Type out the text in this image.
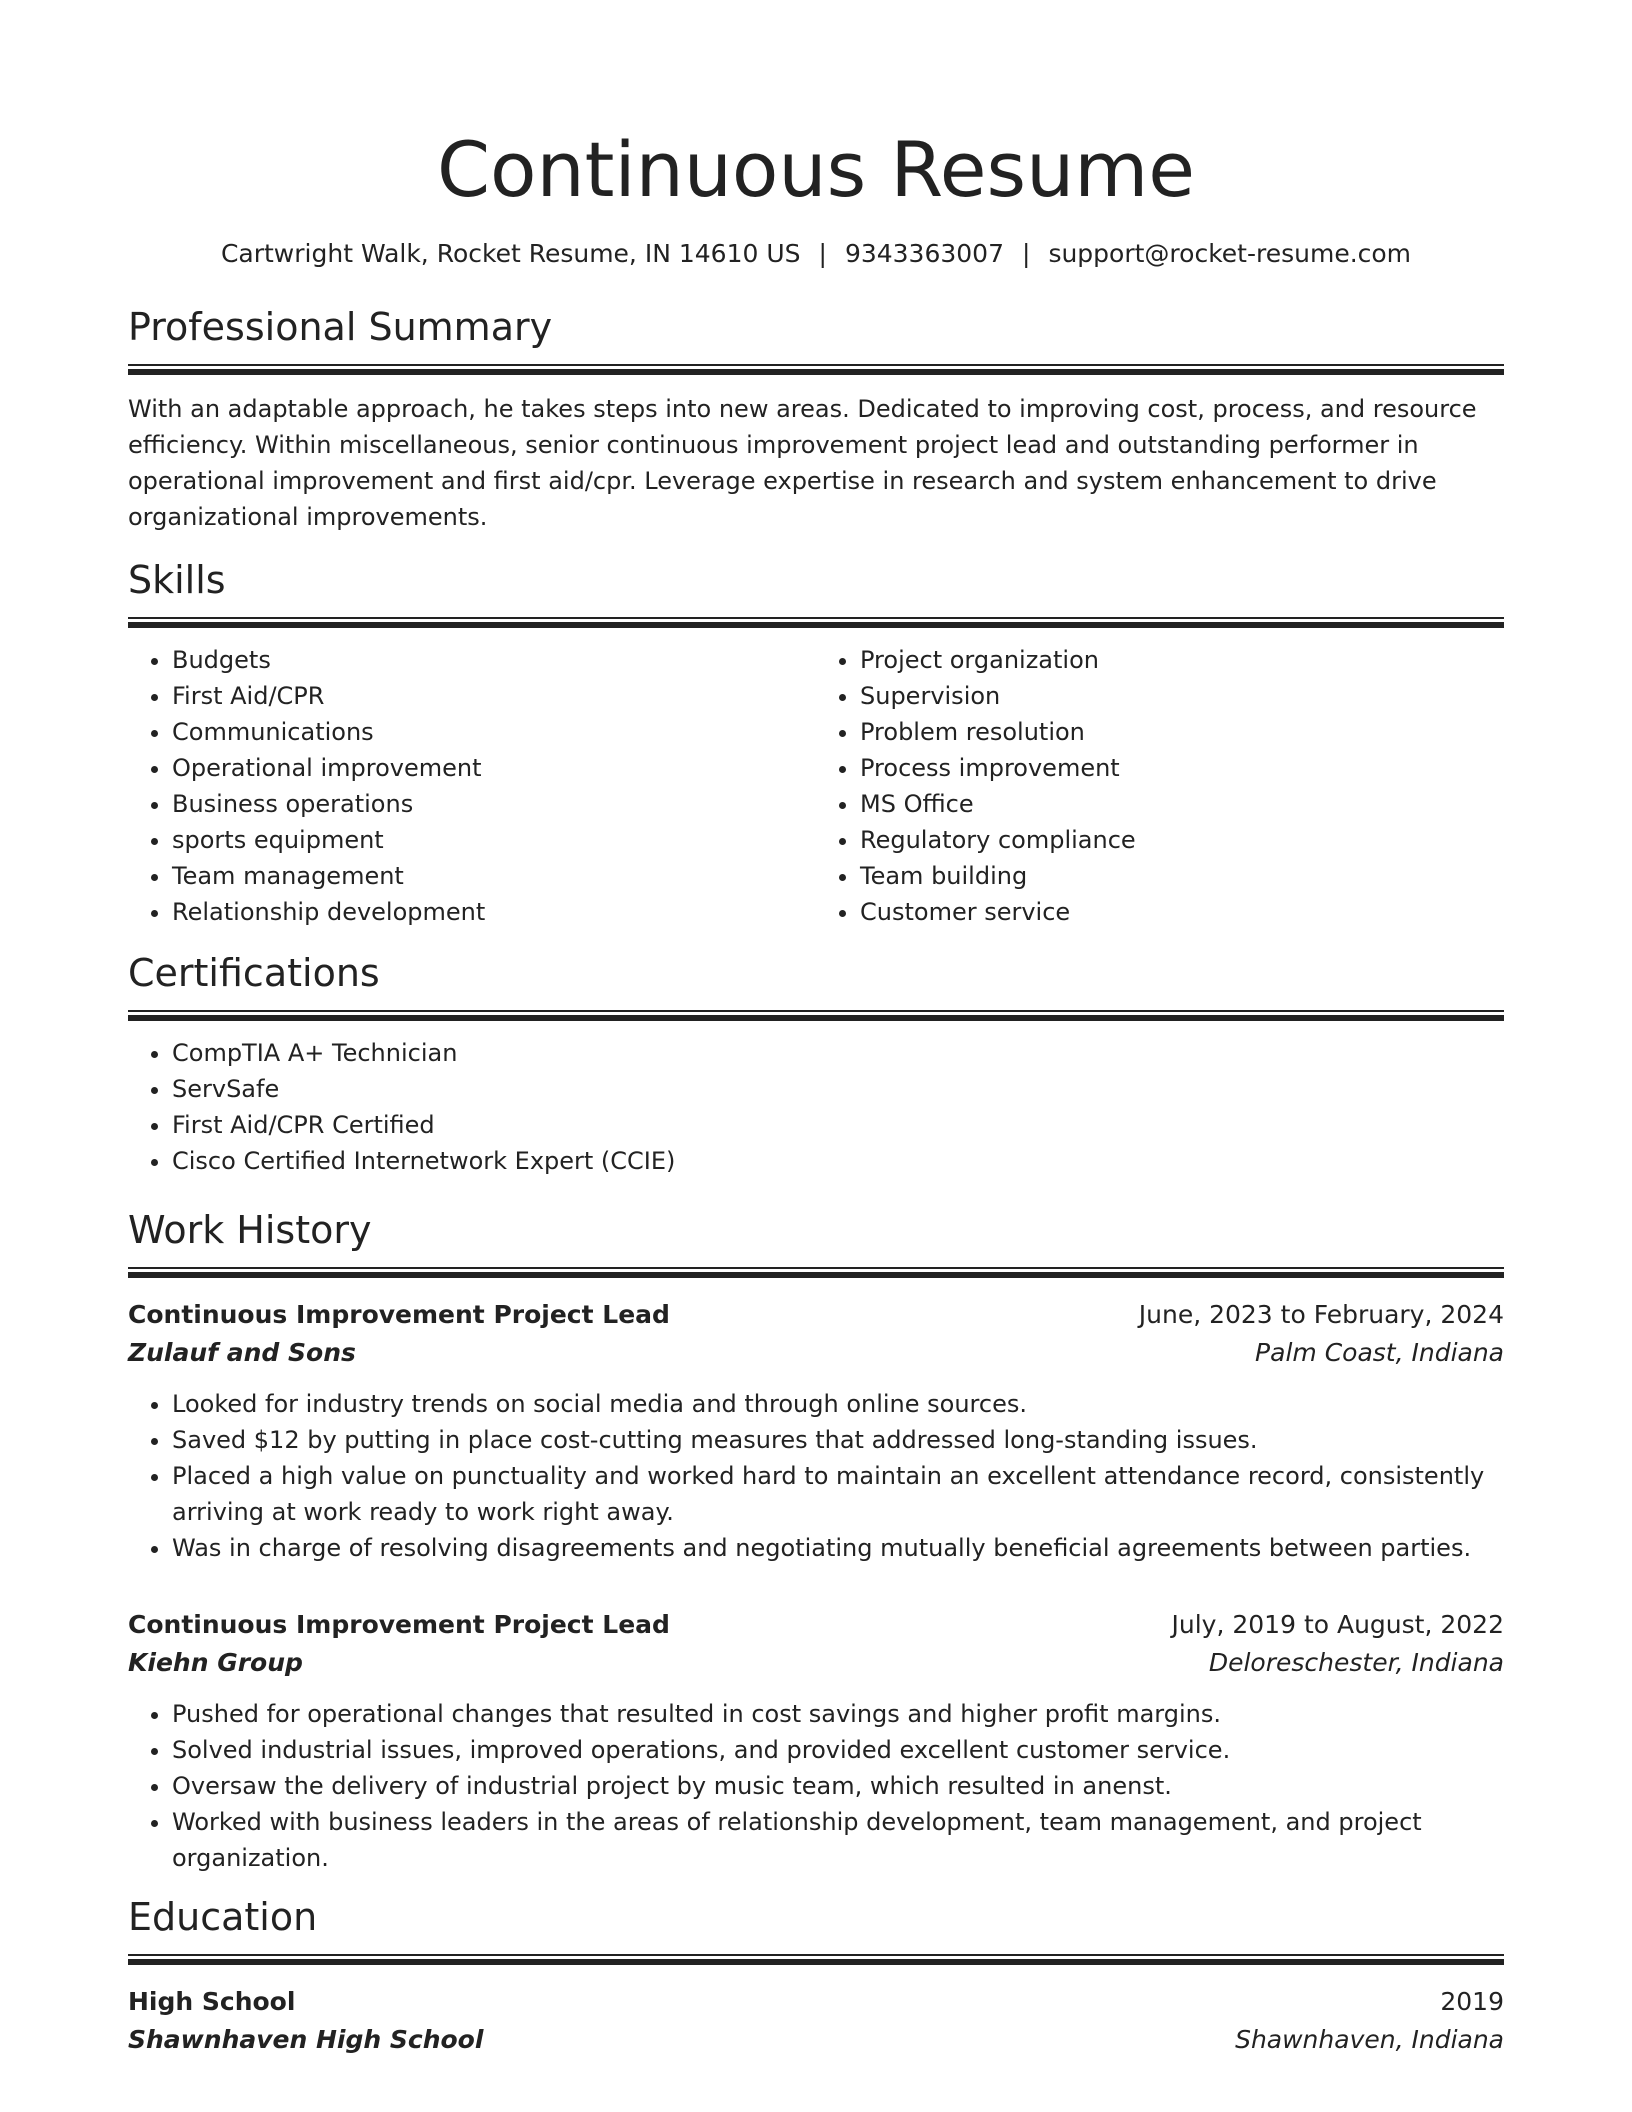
Continuous Resume
Cartwright Walk, Rocket Resume, IN 14610 US | 9343363007 | support@rocket-resume.com
Professional Summary
With an adaptable approach, he takes steps into new areas. Dedicated to improving cost, process, and resource efficiency. Within miscellaneous, senior continuous improvement project lead and outstanding performer in operational improvement and first aid/cpr. Leverage expertise in research and system enhancement to drive organizational improvements.
Skills
• Budgets
• First Aid/CPR
• Communications
• Operational improvement
• Business operations
• sports equipment
• Team management
• Relationship development
• Project organization
• Supervision
• Problem resolution
• Process improvement
• MS Office
• Regulatory compliance
• Team building
• Customer service
Certifications
• CompTIA A+ Technician
• ServSafe
• First Aid/CPR Certified
• Cisco Certified Internetwork Expert (CCIE)
Work History
Continuous Improvement Project Lead	June, 2023 to February, 2024
Zulauf and Sons	Palm Coast, Indiana
• Looked for industry trends on social media and through online sources.
• Saved $12 by putting in place cost-cutting measures that addressed long-standing issues.
• Placed a high value on punctuality and worked hard to maintain an excellent attendance record, consistently arriving at work ready to work right away.
• Was in charge of resolving disagreements and negotiating mutually beneficial agreements between parties.
Continuous Improvement Project Lead	July, 2019 to August, 2022
Kiehn Group	Deloreschester, Indiana
• Pushed for operational changes that resulted in cost savings and higher profit margins.
• Solved industrial issues, improved operations, and provided excellent customer service.
• Oversaw the delivery of industrial project by music team, which resulted in anenst.
• Worked with business leaders in the areas of relationship development, team management, and project organization.
Education
High School	2019
Shawnhaven High School	Shawnhaven, Indiana
